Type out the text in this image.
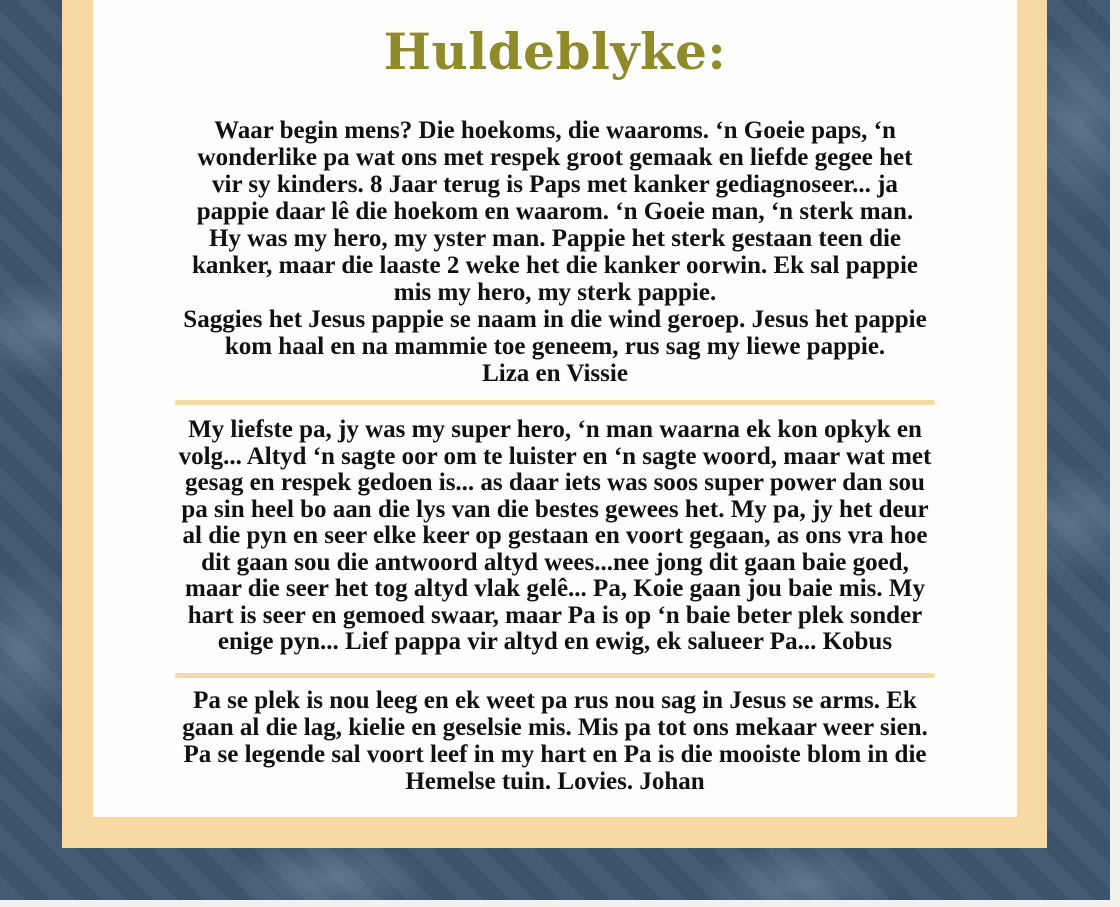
Huldeblyke:
Waar begin mens? Die hoekoms, die waaroms. ‘n Goeie paps, ‘n
wonderlike pa wat ons met respek groot gemaak en liefde gegee het
vir sy kinders. 8 Jaar terug is Paps met kanker gediagnoseer... ja
pappie daar lê die hoekom en waarom. ‘n Goeie man, ‘n sterk man.
Hy was my hero, my yster man. Pappie het sterk gestaan teen die
kanker, maar die laaste 2 weke het die kanker oorwin. Ek sal pappie
mis my hero, my sterk pappie.
Saggies het Jesus pappie se naam in die wind geroep. Jesus het pappie
kom haal en na mammie toe geneem, rus sag my liewe pappie.
Liza en Vissie
My liefste pa, jy was my super hero, ‘n man waarna ek kon opkyk en
volg... Altyd ‘n sagte oor om te luister en ‘n sagte woord, maar wat met
gesag en respek gedoen is... as daar iets was soos super power dan sou
pa sin heel bo aan die lys van die bestes gewees het. My pa, jy het deur
al die pyn en seer elke keer op gestaan en voort gegaan, as ons vra hoe
dit gaan sou die antwoord altyd wees...nee jong dit gaan baie goed,
maar die seer het tog altyd vlak gelê... Pa, Koie gaan jou baie mis. My
hart is seer en gemoed swaar, maar Pa is op ‘n baie beter plek sonder
enige pyn... Lief pappa vir altyd en ewig, ek salueer Pa... Kobus
Pa se plek is nou leeg en ek weet pa rus nou sag in Jesus se arms. Ek
gaan al die lag, kielie en geselsie mis. Mis pa tot ons mekaar weer sien.
Pa se legende sal voort leef in my hart en Pa is die mooiste blom in die
Hemelse tuin. Lovies. Johan
